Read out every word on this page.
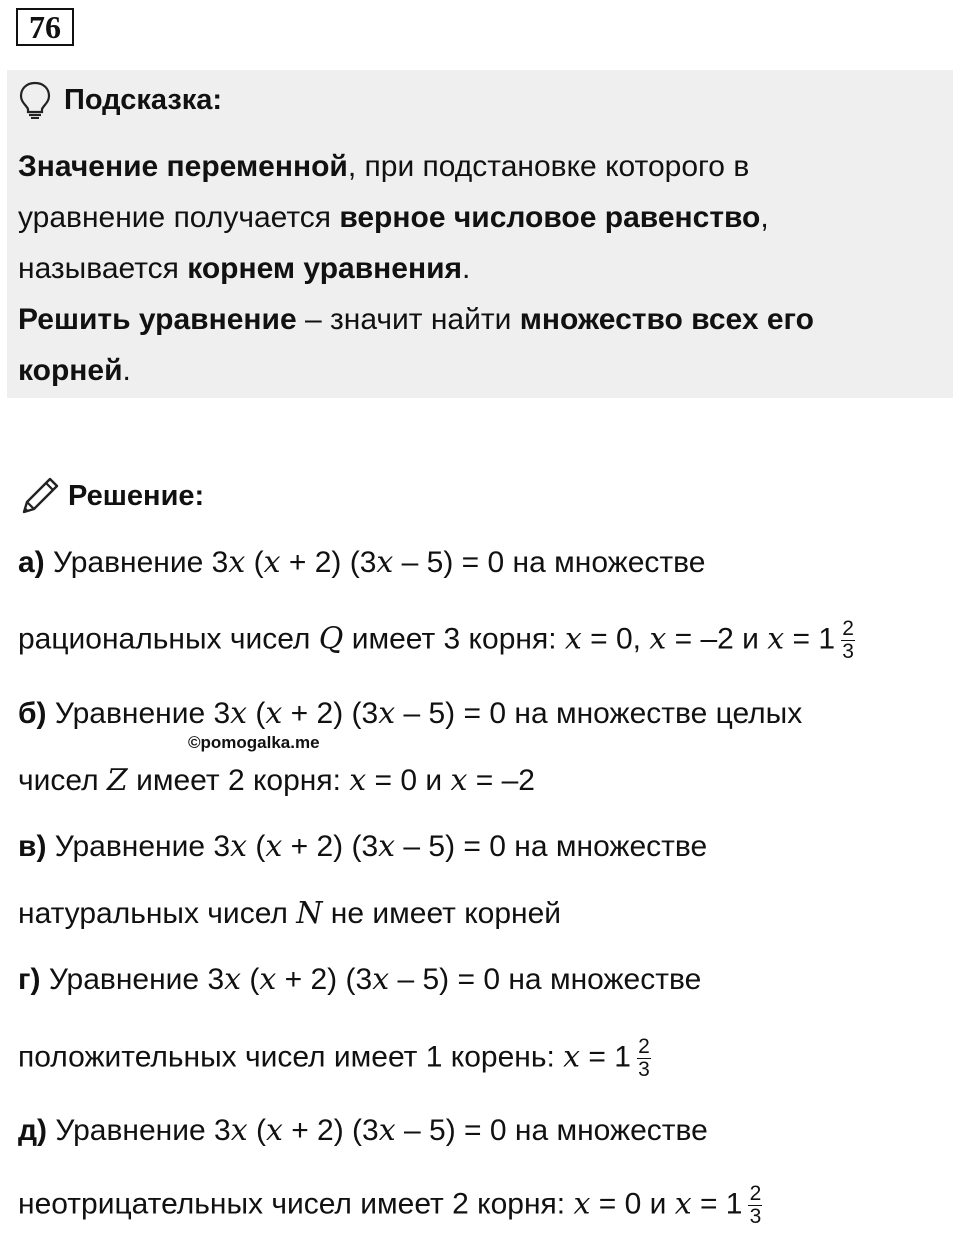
76
Подсказка:
Значение переменной, при подстановке которого в
уравнение получается верное числовое равенство,
называется корнем уравнения.
Решить уравнение – значит найти множество всех его
корней.
Решение:
а) Уравнение 3𝑥 (𝑥 + 2) (3𝑥 – 5) = 0 на множестве
рациональных чисел 𝑄 имеет 3 корня: 𝑥 = 0, 𝑥 = –2 и 𝑥 = $1 \frac{2}{3}$
б) Уравнение 3𝑥 (𝑥 + 2) (3𝑥 – 5) = 0 на множестве целых
©pomogalka.me
чисел 𝑍 имеет 2 корня: 𝑥 = 0 и 𝑥 = –2
в) Уравнение 3𝑥 (𝑥 + 2) (3𝑥 – 5) = 0 на множестве
натуральных чисел 𝑁 не имеет корней
г) Уравнение 3𝑥 (𝑥 + 2) (3𝑥 – 5) = 0 на множестве
положительных чисел имеет 1 корень: 𝑥 = $1 \frac{2}{3}$
д) Уравнение 3𝑥 (𝑥 + 2) (3𝑥 – 5) = 0 на множестве
неотрицательных чисел имеет 2 корня: 𝑥 = 0 и 𝑥 = $1 \frac{2}{3}$
